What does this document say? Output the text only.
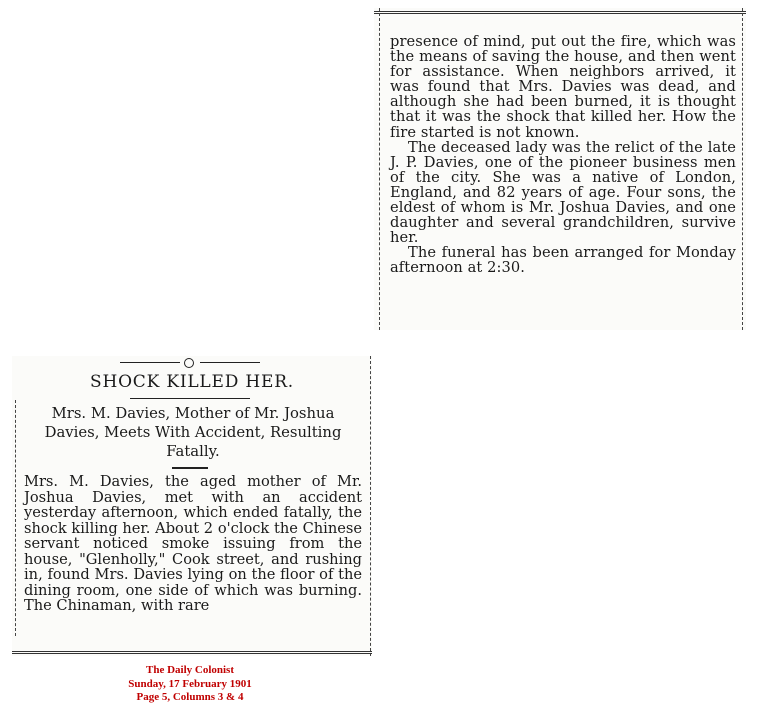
presence of mind, put out the fire, which was the means of saving the house, and then went for assistance. When neighbors arrived, it was found that Mrs. Davies was dead, and although she had been burned, it is thought that it was the shock that killed her. How the fire started is not known.

The deceased lady was the relict of the late J. P. Davies, one of the pioneer business men of the city. She was a native of London, England, and 82 years of age. Four sons, the eldest of whom is Mr. Joshua Davies, and one daughter and several grandchildren, survive her.

The funeral has been arranged for Monday afternoon at 2:30.

SHOCK KILLED HER.
Mrs. M. Davies, Mother of Mr. Joshua Davies, Meets With Accident, Resulting Fatally.
Mrs. M. Davies, the aged mother of Mr. Joshua Davies, met with an accident yesterday afternoon, which ended fatally, the shock killing her. About 2 o'clock the Chinese servant noticed smoke issuing from the house, "Glenholly," Cook street, and rushing in, found Mrs. Davies lying on the floor of the dining room, one side of which was burning. The Chinaman, with rare
The Daily Colonist
Sunday, 17 February 1901
Page 5, Columns 3 & 4
